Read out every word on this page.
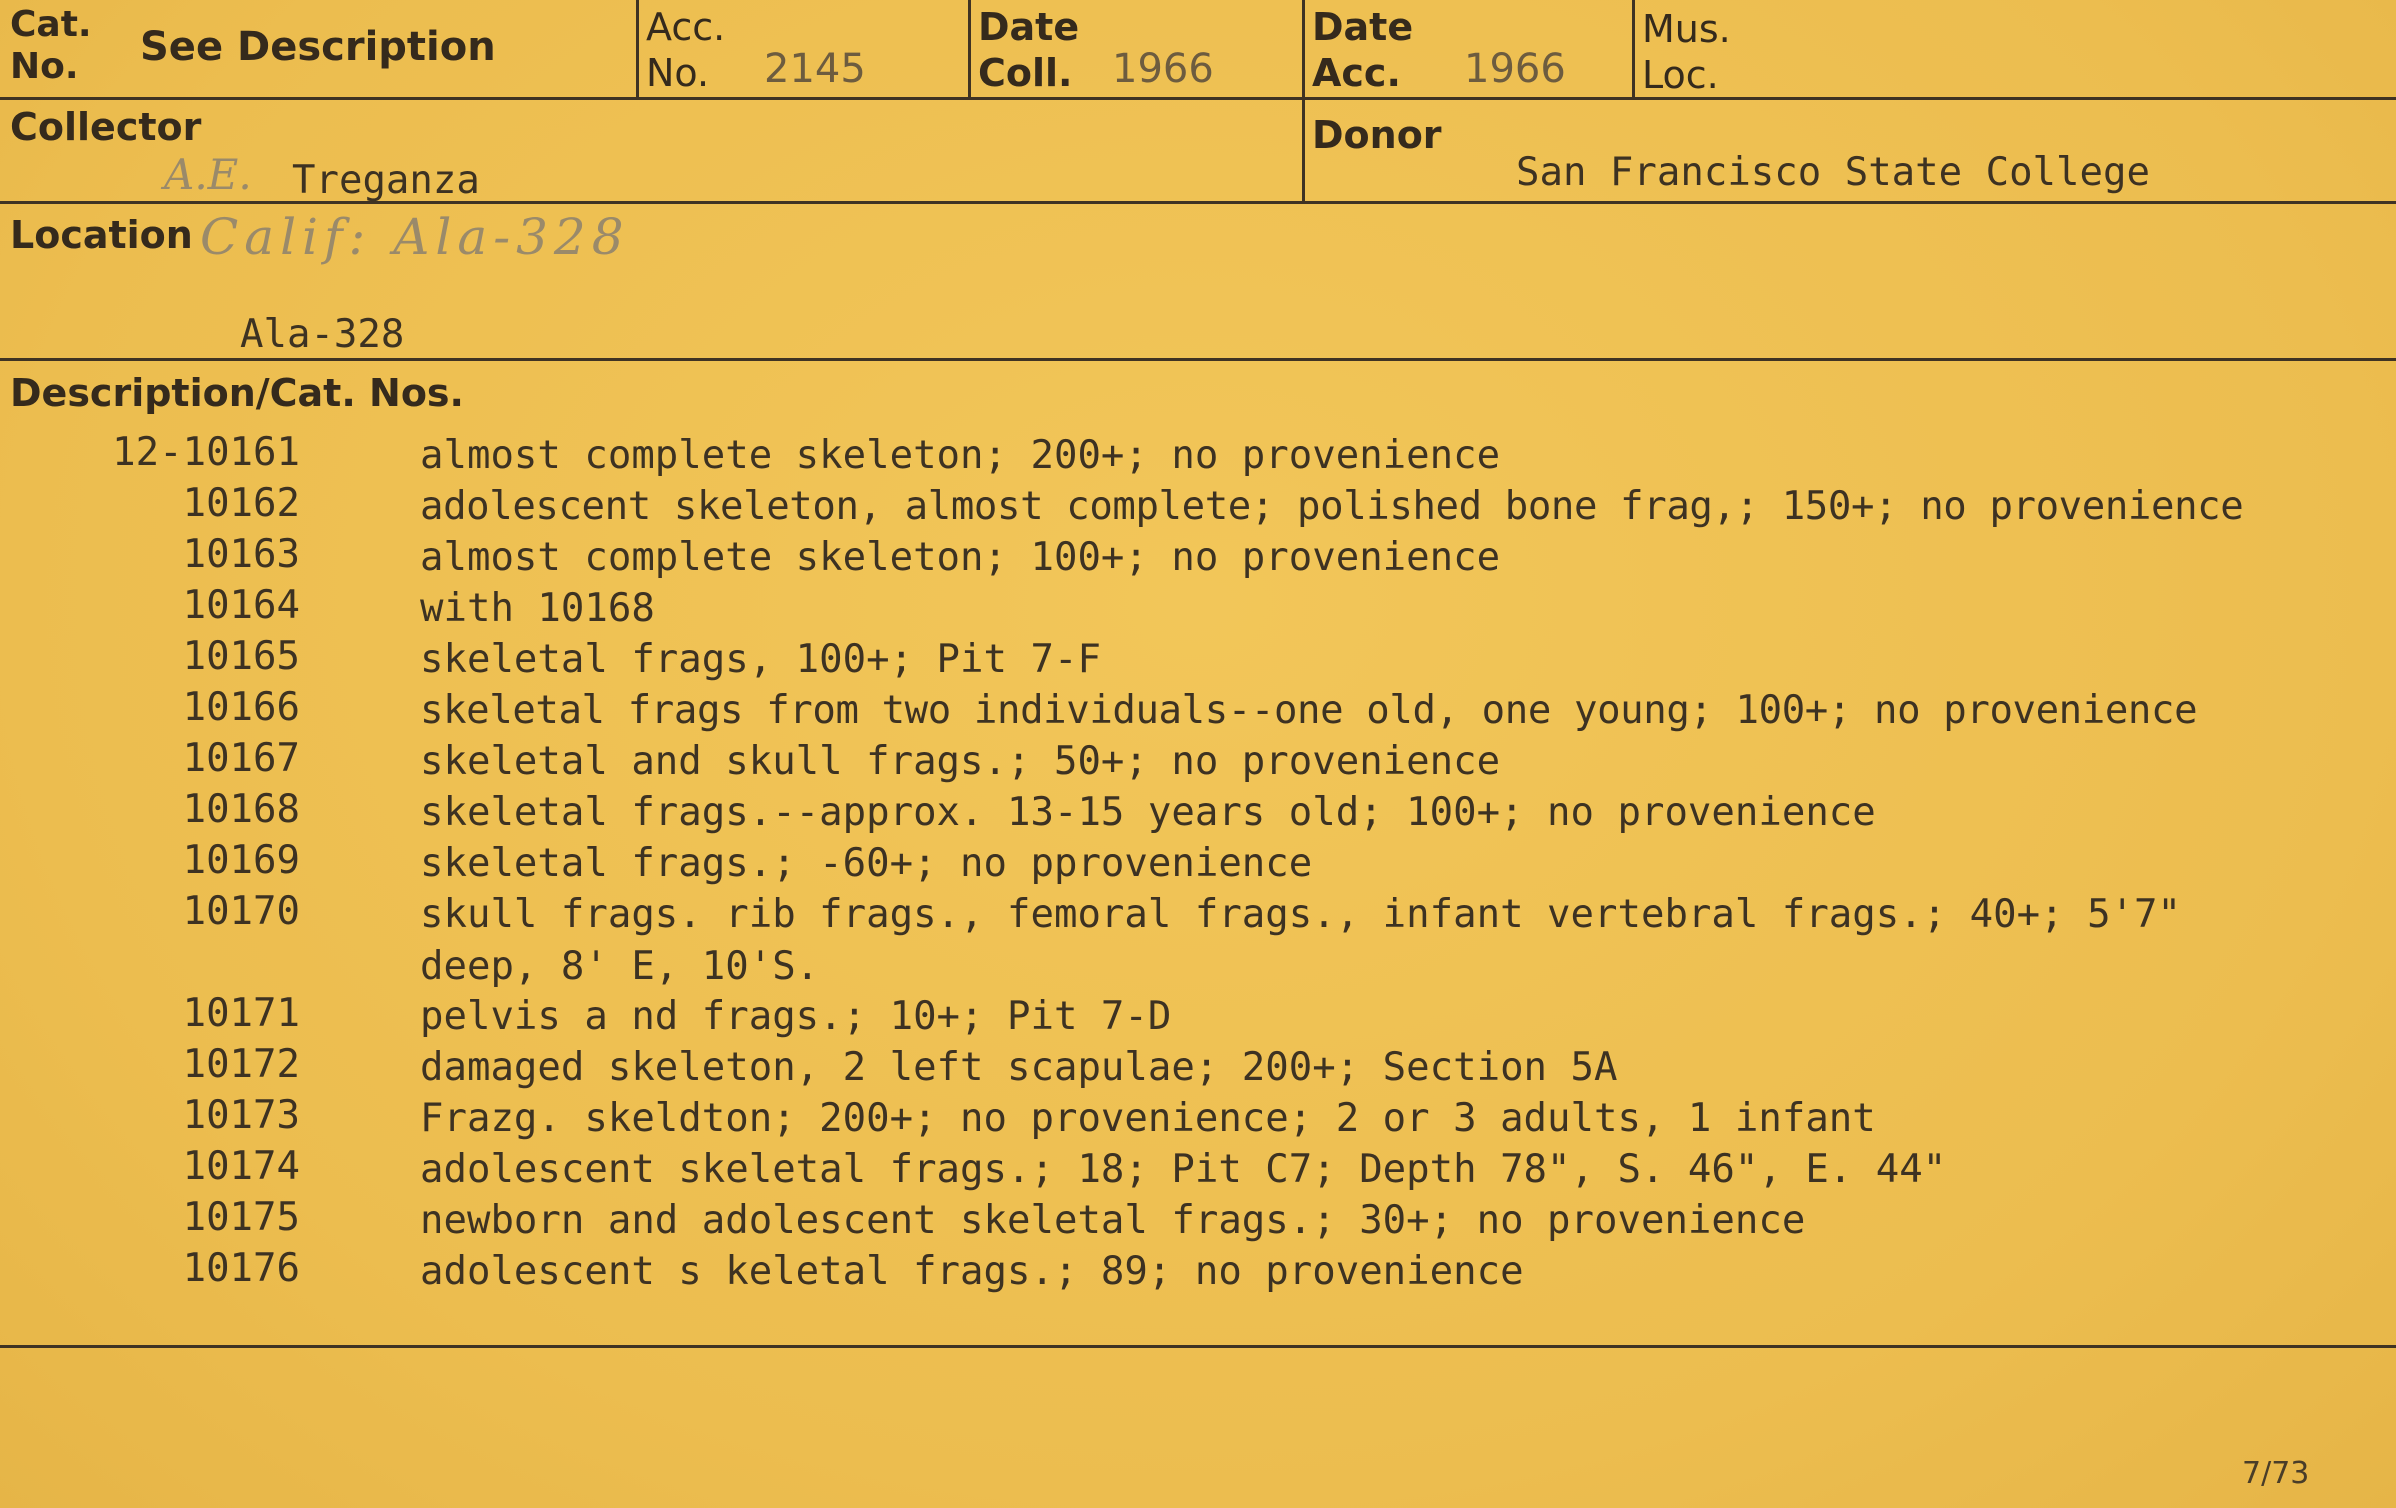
Cat. No. See Description	Acc. No.	2145
Date Coll. 1966
Date Acc.	1966
Mus. Loc.
Collector
A.E. Treganza
Donor
San Francisco State College
Location Calif: Ala-328
Ala-328
Description/Cat. Nos.
12-10161	almost complete skeleton; 200+; no provenience
10162	adolescent skeleton, almost complete; polished bone frag,; 150+; no provenience
10163	almost complete skeleton; 100+; no provenience
10164	with 10168
10165	skeletal frags, 100+; Pit 7-F
10166	skeletal frags from two individuals--one old, one young; 100+; no provenience
10167	skeletal and skull frags.; 50+; no provenience
10168	skeletal frags.--approx. 13-15 years old; 100+; no provenience
10169	skeletal frags.; -60+; no pprovenience
10170	skull frags. rib frags., femoral frags., infant vertebral frags.; 40+; 5'7" deep, 8' E, 10'S.
10171	pelvis a nd frags.; 10+; Pit 7-D
10172	damaged skeleton, 2 left scapulae; 200+; Section 5A
10173	Frazg. skeldton; 200+; no provenience; 2 or 3 adults, 1 infant
10174	adolescent skeletal frags.; 18; Pit C7; Depth 78", S. 46", E. 44"
10175	newborn and adolescent skeletal frags.; 30+; no provenience
10176	adolescent s keletal frags.; 89; no provenience
7/73
